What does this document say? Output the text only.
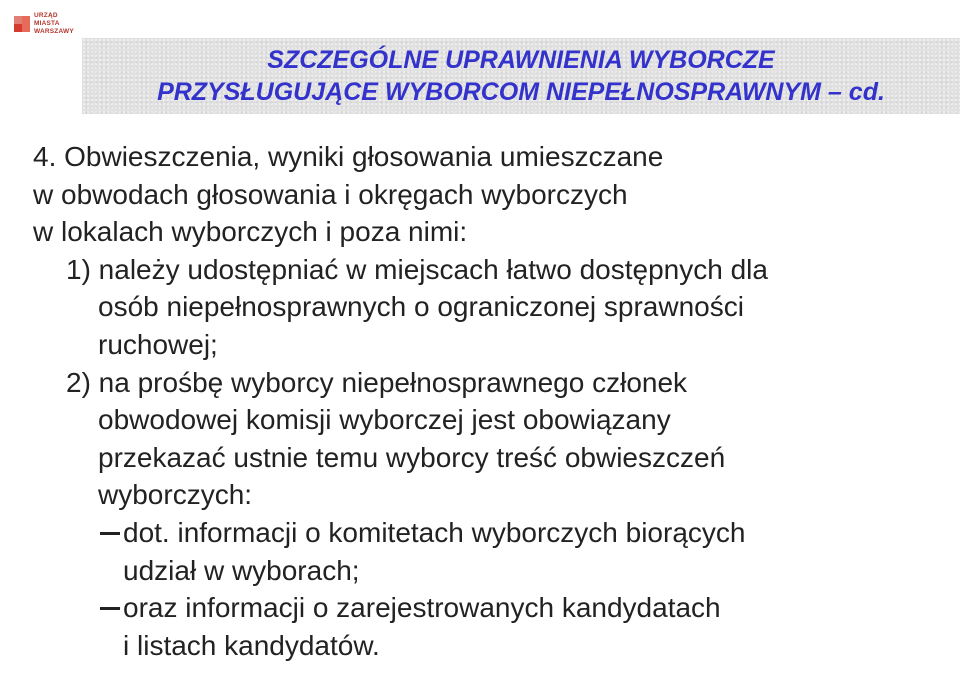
URZĄD
MIASTA
WARSZAWY
SZCZEGÓLNE UPRAWNIENIA WYBORCZE
PRZYSŁUGUJĄCE WYBORCOM NIEPEŁNOSPRAWNYM – cd.
4. Obwieszczenia, wyniki głosowania umieszczane
w obwodach głosowania i okręgach wyborczych
w lokalach wyborczych i poza nimi:
1) należy udostępniać w miejscach łatwo dostępnych dla
osób niepełnosprawnych o ograniczonej sprawności
ruchowej;
2) na prośbę wyborcy niepełnosprawnego członek
obwodowej komisji wyborczej jest obowiązany
przekazać ustnie temu wyborcy treść obwieszczeń
wyborczych:
dot. informacji o komitetach wyborczych biorących
udział w wyborach;
oraz informacji o zarejestrowanych kandydatach
i listach kandydatów.
